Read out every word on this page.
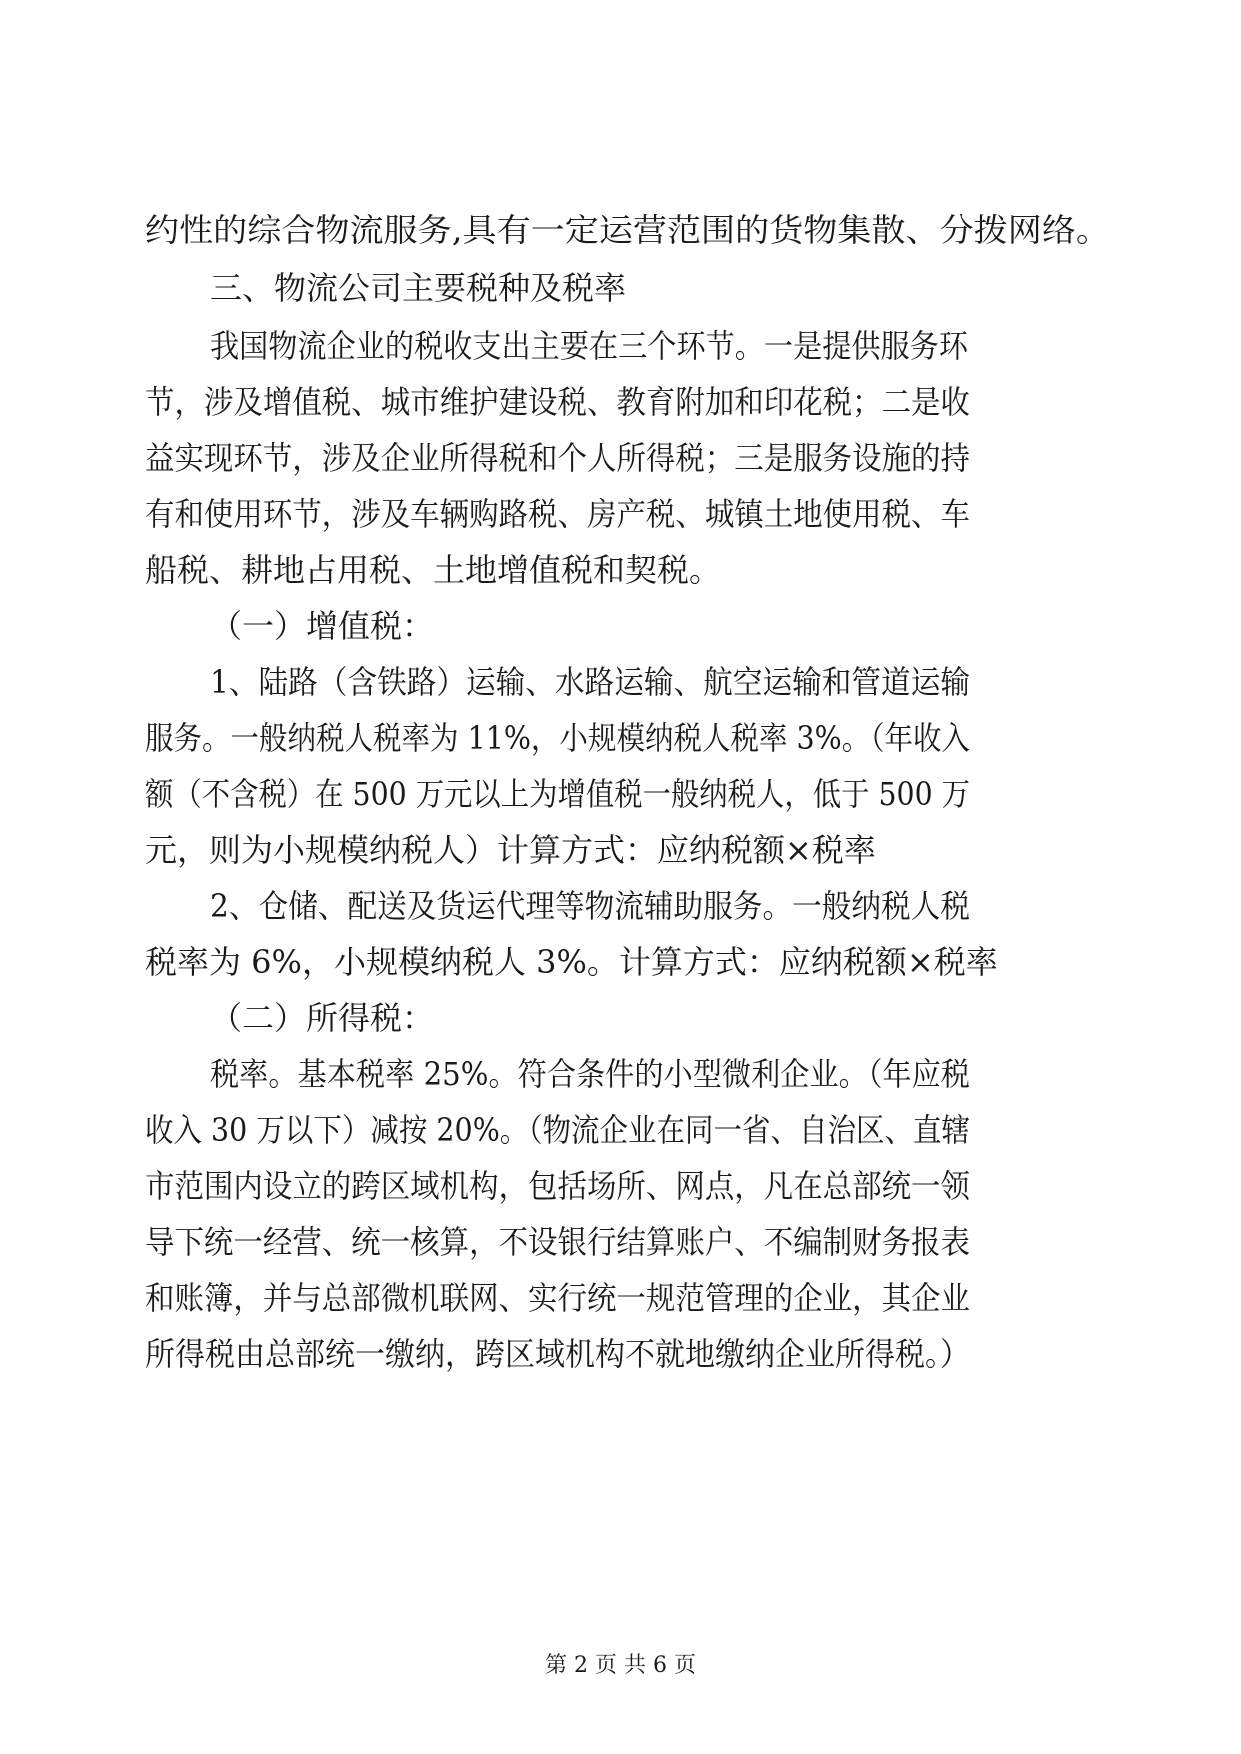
约性的综合物流服务,具有一定运营范围的货物集散、分拨网络。
三、物流公司主要税种及税率
我国物流企业的税收支出主要在三个环节。一是提供服务环
节，涉及增值税、城市维护建设税、教育附加和印花税；二是收
益实现环节，涉及企业所得税和个人所得税；三是服务设施的持
有和使用环节，涉及车辆购路税、房产税、城镇土地使用税、车
船税、耕地占用税、土地增值税和契税。
（一）增值税：
1、陆路（含铁路）运输、水路运输、航空运输和管道运输
服务。一般纳税人税率为 11%，小规模纳税人税率 3%。（年收入
额（不含税）在 500 万元以上为增值税一般纳税人，低于 500 万
元，则为小规模纳税人）计算方式：应纳税额×税率
2、仓储、配送及货运代理等物流辅助服务。一般纳税人税
税率为 6%，小规模纳税人 3%。计算方式：应纳税额×税率
（二）所得税：
税率。基本税率 25%。符合条件的小型微利企业。（年应税
收入 30 万以下）减按 20%。（物流企业在同一省、自治区、直辖
市范围内设立的跨区域机构，包括场所、网点，凡在总部统一领
导下统一经营、统一核算，不设银行结算账户、不编制财务报表
和账簿，并与总部微机联网、实行统一规范管理的企业，其企业
所得税由总部统一缴纳，跨区域机构不就地缴纳企业所得税。）
第 2 页 共 6 页
